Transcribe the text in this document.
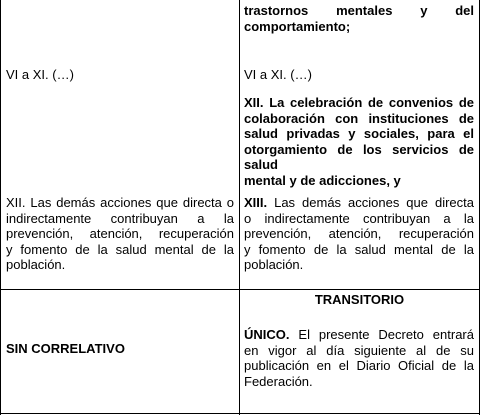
VI a XI. (…)
XII. Las demás acciones que directa o
indirectamente contribuyan a la
prevención, atención, recuperación
y fomento de la salud mental de la
población.
SIN CORRELATIVO
trastornos mentales y del
comportamiento;
VI a XI. (…)
XII. La celebración de convenios de
colaboración con instituciones de
salud privadas y sociales, para el
otorgamiento de los servicios de salud
mental y de adicciones, y
XIII. Las demás acciones que directa
o indirectamente contribuyan a la
prevención, atención, recuperación
y fomento de la salud mental de la
población.
TRANSITORIO
ÚNICO. El presente Decreto entrará
en vigor al día siguiente al de su
publicación en el Diario Oficial de la
Federación.
